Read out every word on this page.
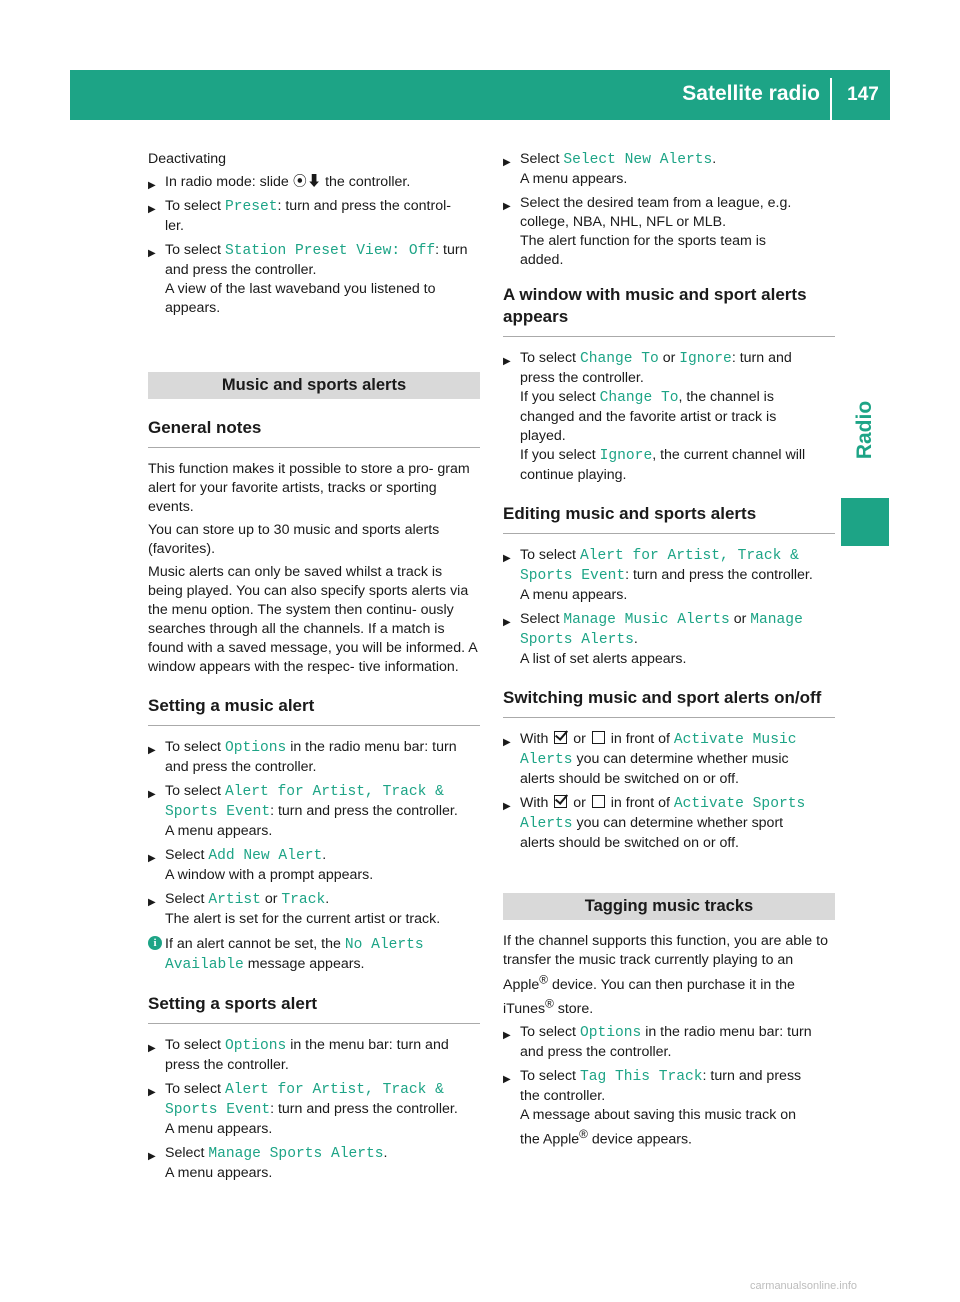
Satellite radio	147
Radio

Deactivating

▶ In radio mode: slide ⦿⬇ the controller.
▶ To select Preset: turn and press the control-
ler.
▶ To select Station Preset View: Off: turn
and press the controller.
A view of the last waveband you listened to
appears.
Music and sports alerts
General notes

This function makes it possible to store a pro- gram alert for your favorite artists, tracks or sporting events.

You can store up to 30 music and sports alerts (favorites).

Music alerts can only be saved whilst a track is being played. You can also specify sports alerts via the menu option. The system then continu- ously searches through all the channels. If a match is found with a saved message, you will be informed. A window appears with the respec- tive information.

Setting a music alert
▶ To select Options in the radio menu bar: turn
and press the controller.
▶ To select Alert for Artist, Track &
Sports Event: turn and press the controller.
A menu appears.
▶ Select Add New Alert.
A window with a prompt appears.
▶ Select Artist or Track.
The alert is set for the current artist or track.
i If an alert cannot be set, the No Alerts Available message appears.
Setting a sports alert
▶ To select Options in the menu bar: turn and
press the controller.
▶ To select Alert for Artist, Track &
Sports Event: turn and press the controller.
A menu appears.
▶ Select Manage Sports Alerts.
A menu appears.
▶ Select Select New Alerts.
A menu appears.
▶ Select the desired team from a league, e.g.
college, NBA, NHL, NFL or MLB.
The alert function for the sports team is
added.
A window with music and sport alerts appears
▶ To select Change To or Ignore: turn and
press the controller.
If you select Change To, the channel is
changed and the favorite artist or track is
played.
If you select Ignore, the current channel will
continue playing.
Editing music and sports alerts
▶ To select Alert for Artist, Track &
Sports Event: turn and press the controller.
A menu appears.
▶ Select Manage Music Alerts or Manage
Sports Alerts.
A list of set alerts appears.
Switching music and sport alerts on/off
▶ With  or  in front of Activate Music
Alerts you can determine whether music
alerts should be switched on or off.
▶ With  or  in front of Activate Sports
Alerts you can determine whether sport
alerts should be switched on or off.
Tagging music tracks

If the channel supports this function, you are able to transfer the music track currently playing to an Apple® device. You can then purchase it in the iTunes® store.

▶ To select Options in the radio menu bar: turn
and press the controller.
▶ To select Tag This Track: turn and press
the controller.
A message about saving this music track on
the Apple® device appears.
carmanualsonline.info
